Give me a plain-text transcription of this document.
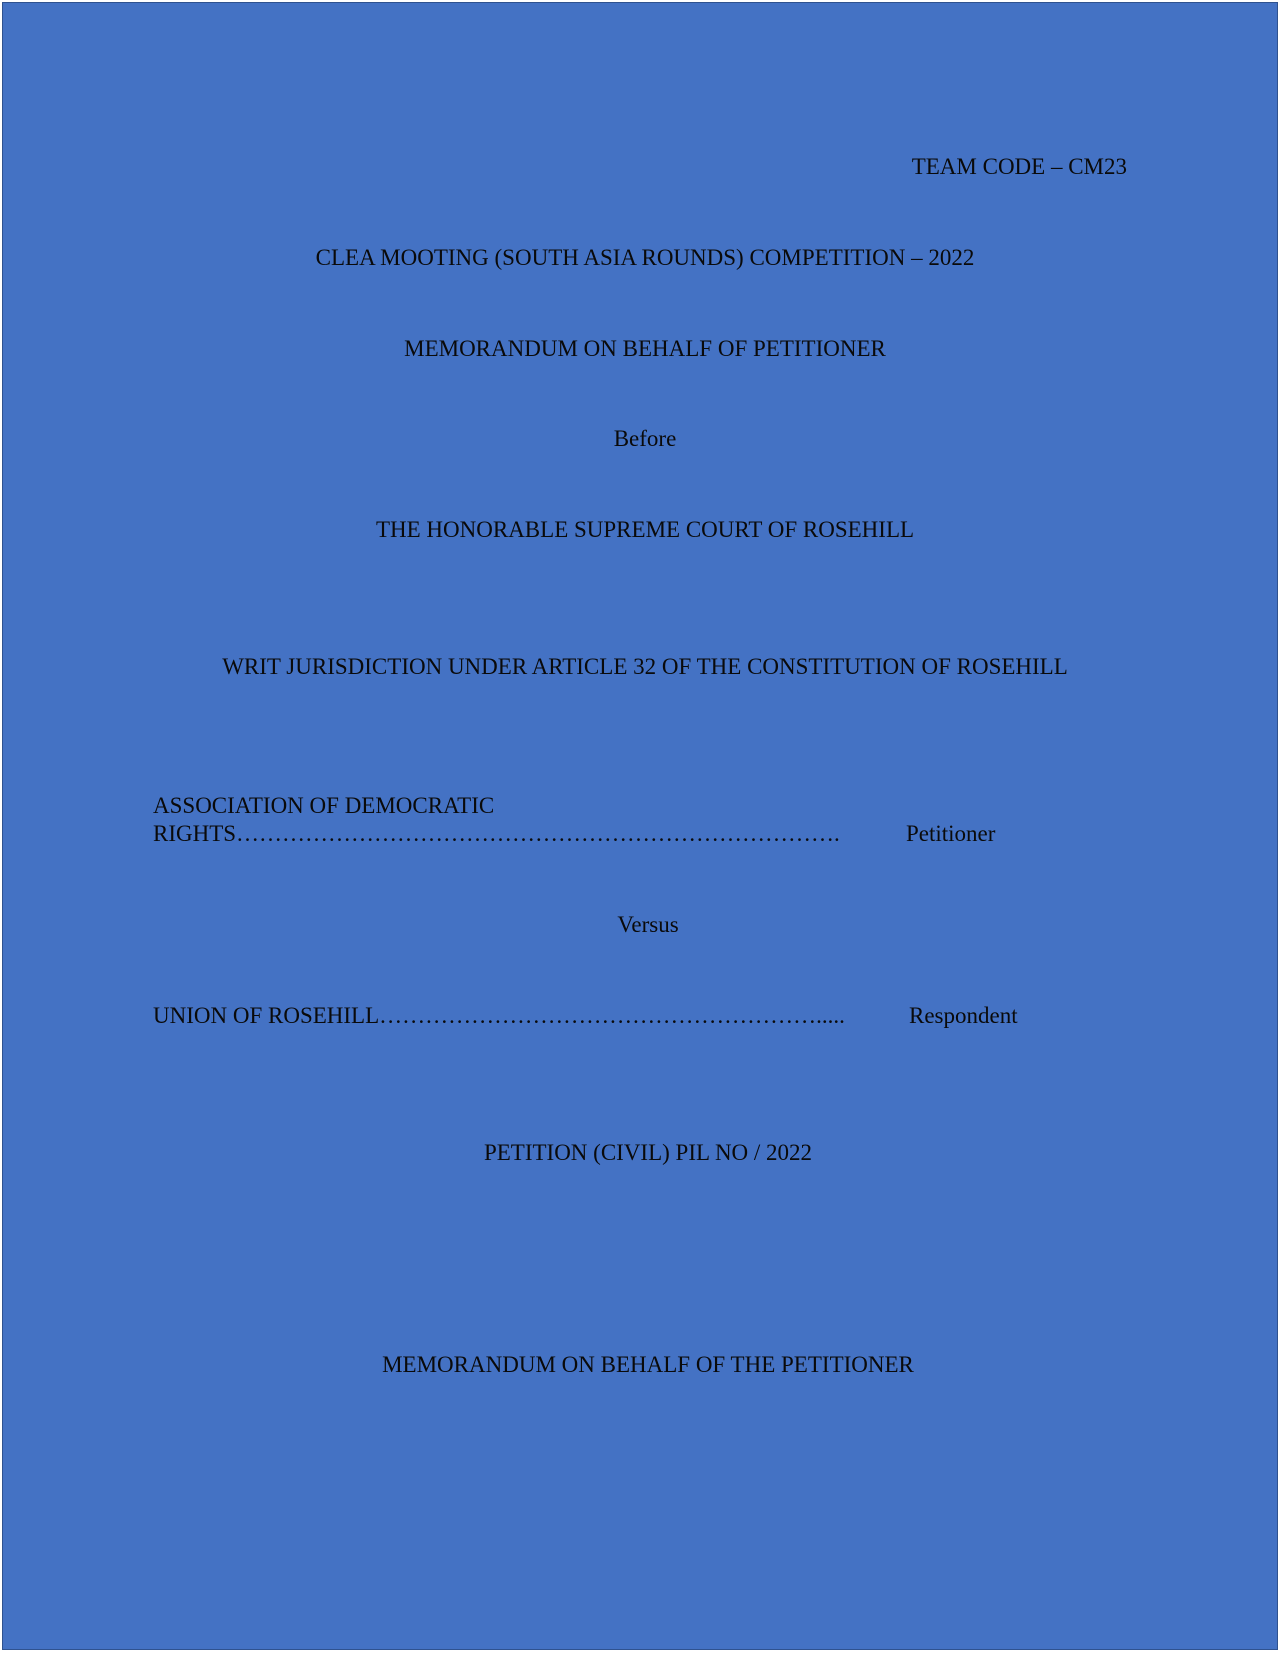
TEAM CODE – CM23
CLEA MOOTING (SOUTH ASIA ROUNDS) COMPETITION – 2022
MEMORANDUM ON BEHALF OF PETITIONER
Before
THE HONORABLE SUPREME COURT OF ROSEHILL
WRIT JURISDICTION UNDER ARTICLE 32 OF THE CONSTITUTION OF ROSEHILL
ASSOCIATION OF DEMOCRATIC
RIGHTS…………………………………………………………………….	Petitioner
Versus
UNION OF ROSEHILL………………………………………………….....	Respondent
PETITION (CIVIL) PIL NO / 2022
MEMORANDUM ON BEHALF OF THE PETITIONER
